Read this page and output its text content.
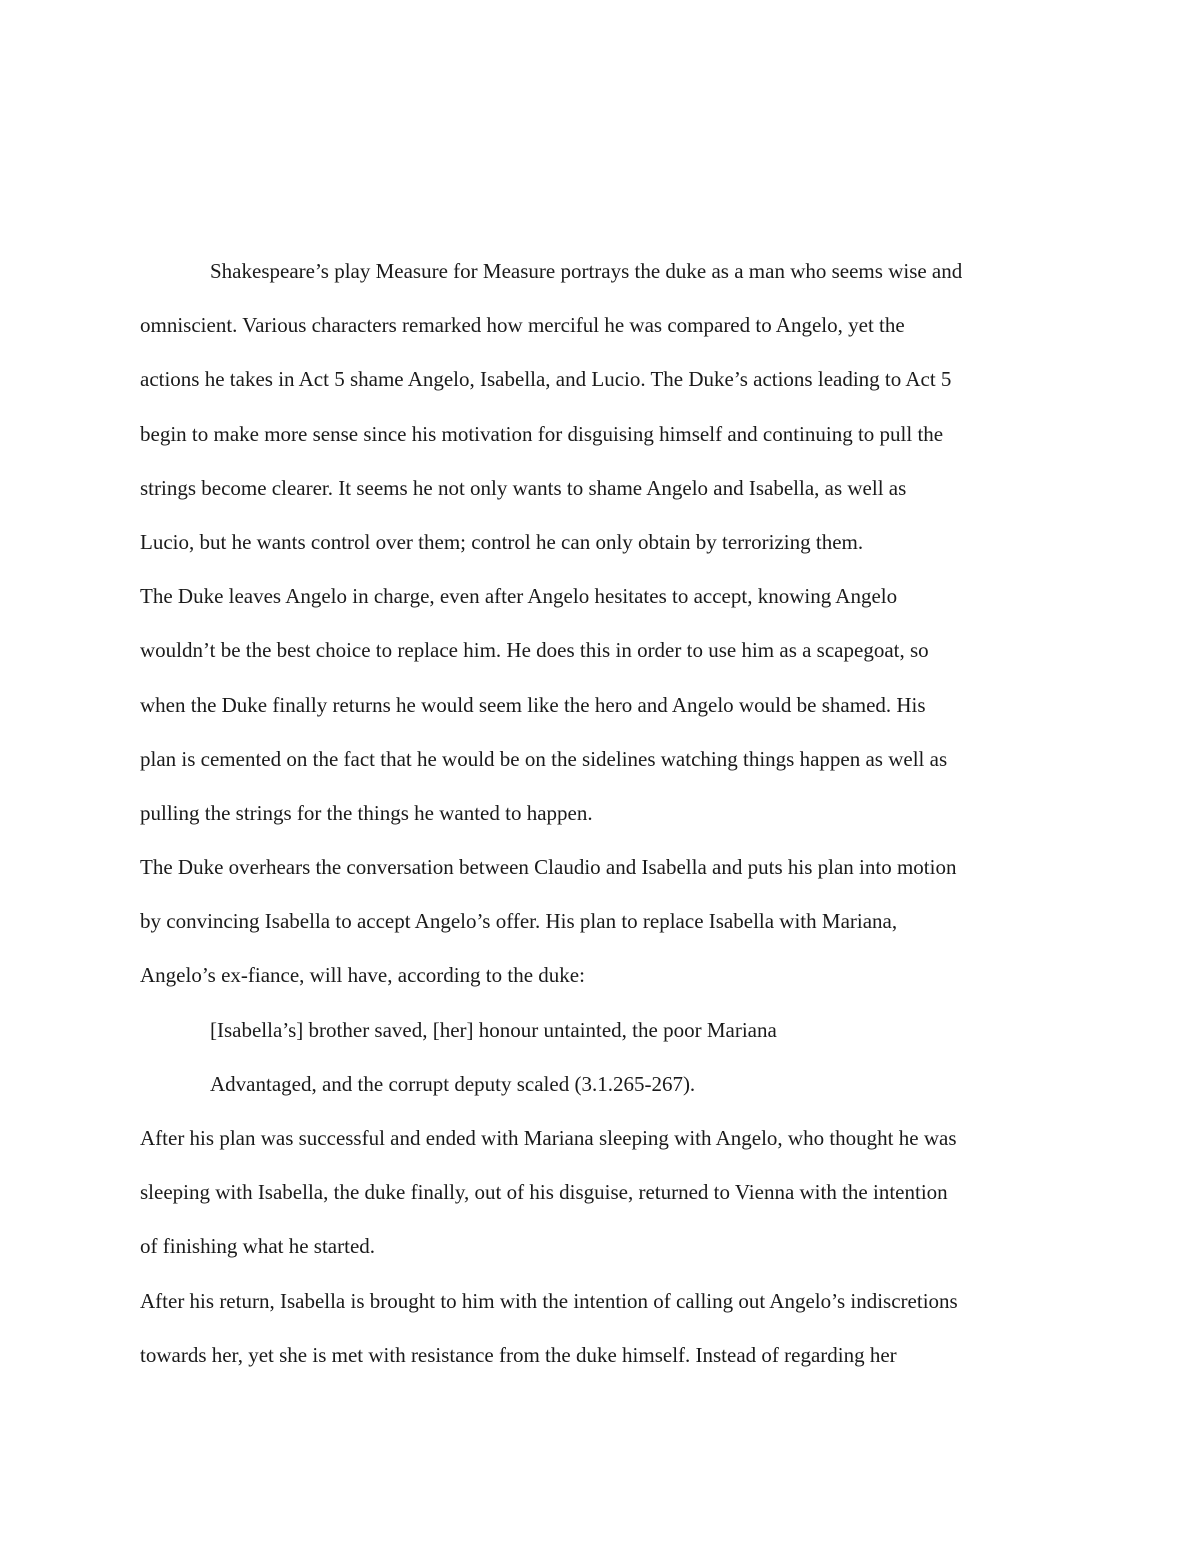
Shakespeare’s play Measure for Measure portrays the duke as a man who seems wise and
omniscient. Various characters remarked how merciful he was compared to Angelo, yet the
actions he takes in Act 5 shame Angelo, Isabella, and Lucio. The Duke’s actions leading to Act 5
begin to make more sense since his motivation for disguising himself and continuing to pull the
strings become clearer. It seems he not only wants to shame Angelo and Isabella, as well as
Lucio, but he wants control over them; control he can only obtain by terrorizing them.
The Duke leaves Angelo in charge, even after Angelo hesitates to accept, knowing Angelo
wouldn’t be the best choice to replace him. He does this in order to use him as a scapegoat, so
when the Duke finally returns he would seem like the hero and Angelo would be shamed. His
plan is cemented on the fact that he would be on the sidelines watching things happen as well as
pulling the strings for the things he wanted to happen.
The Duke overhears the conversation between Claudio and Isabella and puts his plan into motion
by convincing Isabella to accept Angelo’s offer. His plan to replace Isabella with Mariana,
Angelo’s ex-fiance, will have, according to the duke:
[Isabella’s] brother saved, [her] honour untainted, the poor Mariana
Advantaged, and the corrupt deputy scaled (3.1.265-267).
After his plan was successful and ended with Mariana sleeping with Angelo, who thought he was
sleeping with Isabella, the duke finally, out of his disguise, returned to Vienna with the intention
of finishing what he started.
After his return, Isabella is brought to him with the intention of calling out Angelo’s indiscretions
towards her, yet she is met with resistance from the duke himself. Instead of regarding her
